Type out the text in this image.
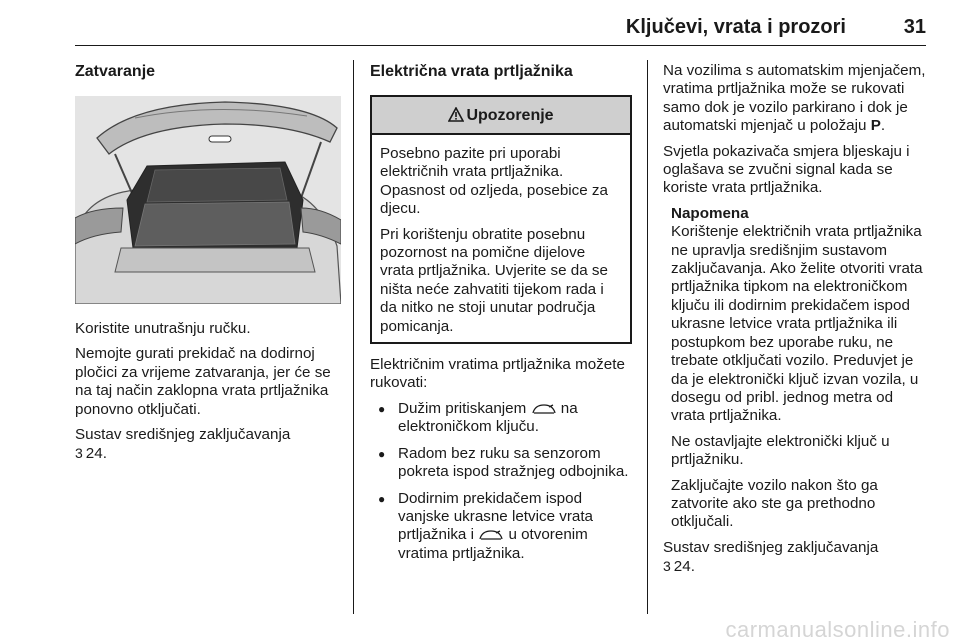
Ključevi, vrata i prozori	31
Zatvaranje
Koristite unutrašnju ručku.
Nemojte gurati prekidač na dodirnoj pločici za vrijeme zatvaranja, jer će se na taj način zaklopna vrata prtljažnika ponovno otključati.
Sustav središnjeg zaključavanja
3 24.
Električna vrata prtljažnika
Upozorenje
Posebno pazite pri uporabi električnih vrata prtljažnika. Opasnost od ozljeda, posebice za djecu.
Pri korištenju obratite posebnu pozornost na pomične dijelove vrata prtljažnika. Uvjerite se da se ništa neće zahvatiti tijekom rada i da nitko ne stoji unutar područja pomicanja.
Električnim vratima prtljažnika možete rukovati:
● Dužim pritiskanjem na elektroničkom ključu.
● Radom bez ruku sa senzorom pokreta ispod stražnjeg odbojnika.
● Dodirnim prekidačem ispod vanjske ukrasne letvice vrata prtljažnika i u otvorenim vratima prtljažnika.
Na vozilima s automatskim mjenjačem, vratima prtljažnika može se rukovati samo dok je vozilo parkirano i dok je automatski mjenjač u položaju P.
Svjetla pokazivača smjera bljeskaju i oglašava se zvučni signal kada se koriste vrata prtljažnika.
Napomena
Korištenje električnih vrata prtljažnika ne upravlja središnjim sustavom zaključavanja. Ako želite otvoriti vrata prtljažnika tipkom na elektroničkom ključu ili dodirnim prekidačem ispod ukrasne letvice vrata prtljažnika ili postupkom bez uporabe ruku, ne trebate otključati vozilo. Preduvjet je da je elektronički ključ izvan vozila, u dosegu od pribl. jednog metra od vrata prtljažnika.
Ne ostavljajte elektronički ključ u prtljažniku.
Zaključajte vozilo nakon što ga zatvorite ako ste ga prethodno otključali.
Sustav središnjeg zaključavanja
3 24.
carmanualsonline.info
